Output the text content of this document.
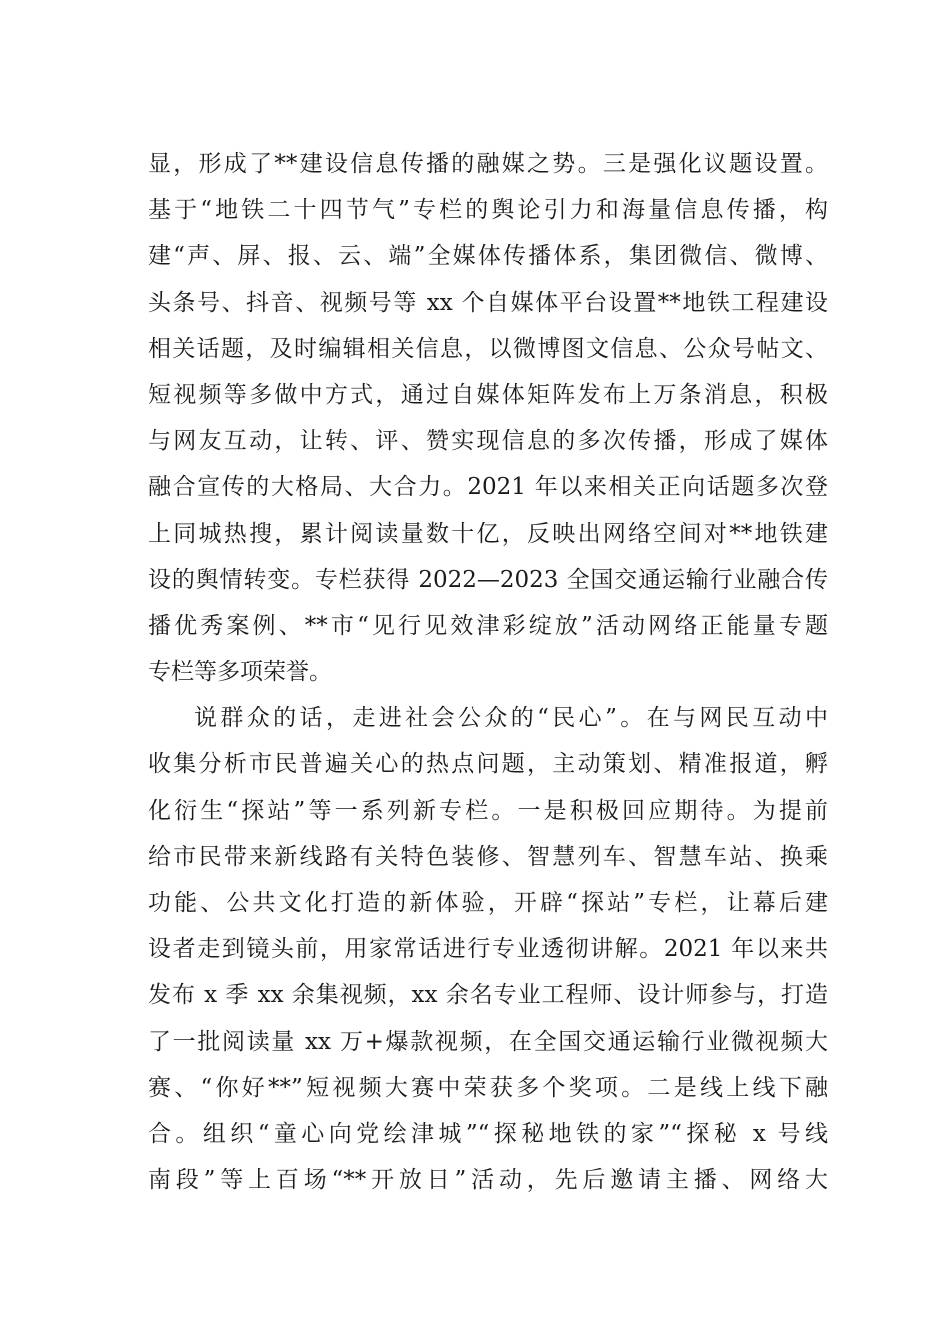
显，形成了**建设信息传播的融媒之势。三是强化议题设置。
基于“地铁二十四节气”专栏的舆论引力和海量信息传播，构
建“声、屏、报、云、端”全媒体传播体系，集团微信、微博、
头条号、抖音、视频号等 xx 个自媒体平台设置**地铁工程建设
相关话题，及时编辑相关信息，以微博图文信息、公众号帖文、
短视频等多做中方式，通过自媒体矩阵发布上万条消息，积极
与网友互动，让转、评、赞实现信息的多次传播，形成了媒体
融合宣传的大格局、大合力。2021 年以来相关正向话题多次登
上同城热搜，累计阅读量数十亿，反映出网络空间对**地铁建
设的舆情转变。专栏获得 2022—2023 全国交通运输行业融合传
播优秀案例、**市“见行见效津彩绽放”活动网络正能量专题
专栏等多项荣誉。
说群众的话，走进社会公众的“民心”。在与网民互动中
收集分析市民普遍关心的热点问题，主动策划、精准报道，孵
化衍生“探站”等一系列新专栏。一是积极回应期待。为提前
给市民带来新线路有关特色装修、智慧列车、智慧车站、换乘
功能、公共文化打造的新体验，开辟“探站”专栏，让幕后建
设者走到镜头前，用家常话进行专业透彻讲解。2021 年以来共
发布 x 季 xx 余集视频，xx 余名专业工程师、设计师参与，打造
了一批阅读量 xx 万+爆款视频，在全国交通运输行业微视频大
赛、“你好**”短视频大赛中荣获多个奖项。二是线上线下融
合。组织“童心向党绘津城”“探秘地铁的家”“探秘 x 号线
南段”等上百场“**开放日”活动，先后邀请主播、网络大
